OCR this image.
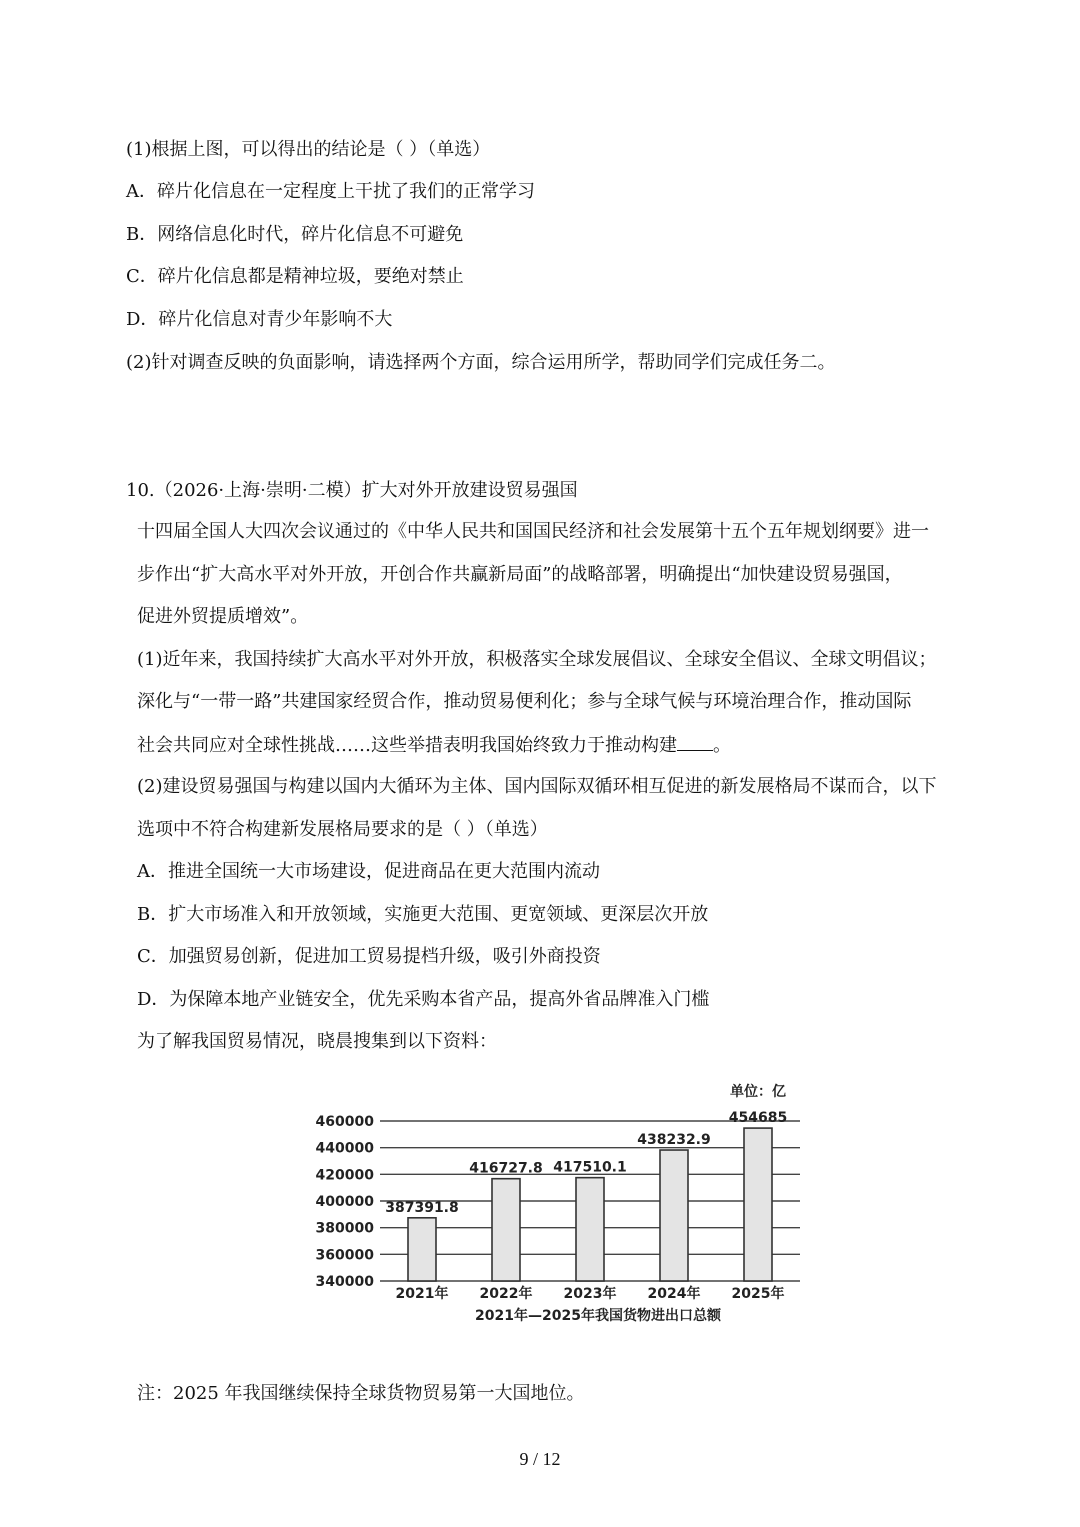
(1)根据上图，可以得出的结论是（ ）（单选）
A．碎片化信息在一定程度上干扰了我们的正常学习
B．网络信息化时代，碎片化信息不可避免
C．碎片化信息都是精神垃圾，要绝对禁止
D．碎片化信息对青少年影响不大
(2)针对调查反映的负面影响，请选择两个方面，综合运用所学，帮助同学们完成任务二。
10.（2026·上海·崇明·二模）扩大对外开放建设贸易强国
十四届全国人大四次会议通过的《中华人民共和国国民经济和社会发展第十五个五年规划纲要》进一
步作出“扩大高水平对外开放，开创合作共赢新局面”的战略部署，明确提出“加快建设贸易强国，
促进外贸提质增效”。
(1)近年来，我国持续扩大高水平对外开放，积极落实全球发展倡议、全球安全倡议、全球文明倡议；
深化与“一带一路”共建国家经贸合作，推动贸易便利化；参与全球气候与环境治理合作，推动国际
社会共同应对全球性挑战……这些举措表明我国始终致力于推动构建 。
(2)建设贸易强国与构建以国内大循环为主体、国内国际双循环相互促进的新发展格局不谋而合，以下
选项中不符合构建新发展格局要求的是（ ）（单选）
A．推进全国统一大市场建设，促进商品在更大范围内流动
B．扩大市场准入和开放领域，实施更大范围、更宽领域、更深层次开放
C．加强贸易创新，促进加工贸易提档升级，吸引外商投资
D．为保障本地产业链安全，优先采购本省产品，提高外省品牌准入门槛
为了解我国贸易情况，晓晨搜集到以下资料：
340000
360000
380000
400000
420000
440000
460000
387391.8
416727.8 417510.1
438232.9
454685
2021年 2022年 2023年 2024年 2025年
单位：亿
2021年—2025年我国货物进出口总额
注：2025 年我国继续保持全球货物贸易第一大国地位。
9 / 12
